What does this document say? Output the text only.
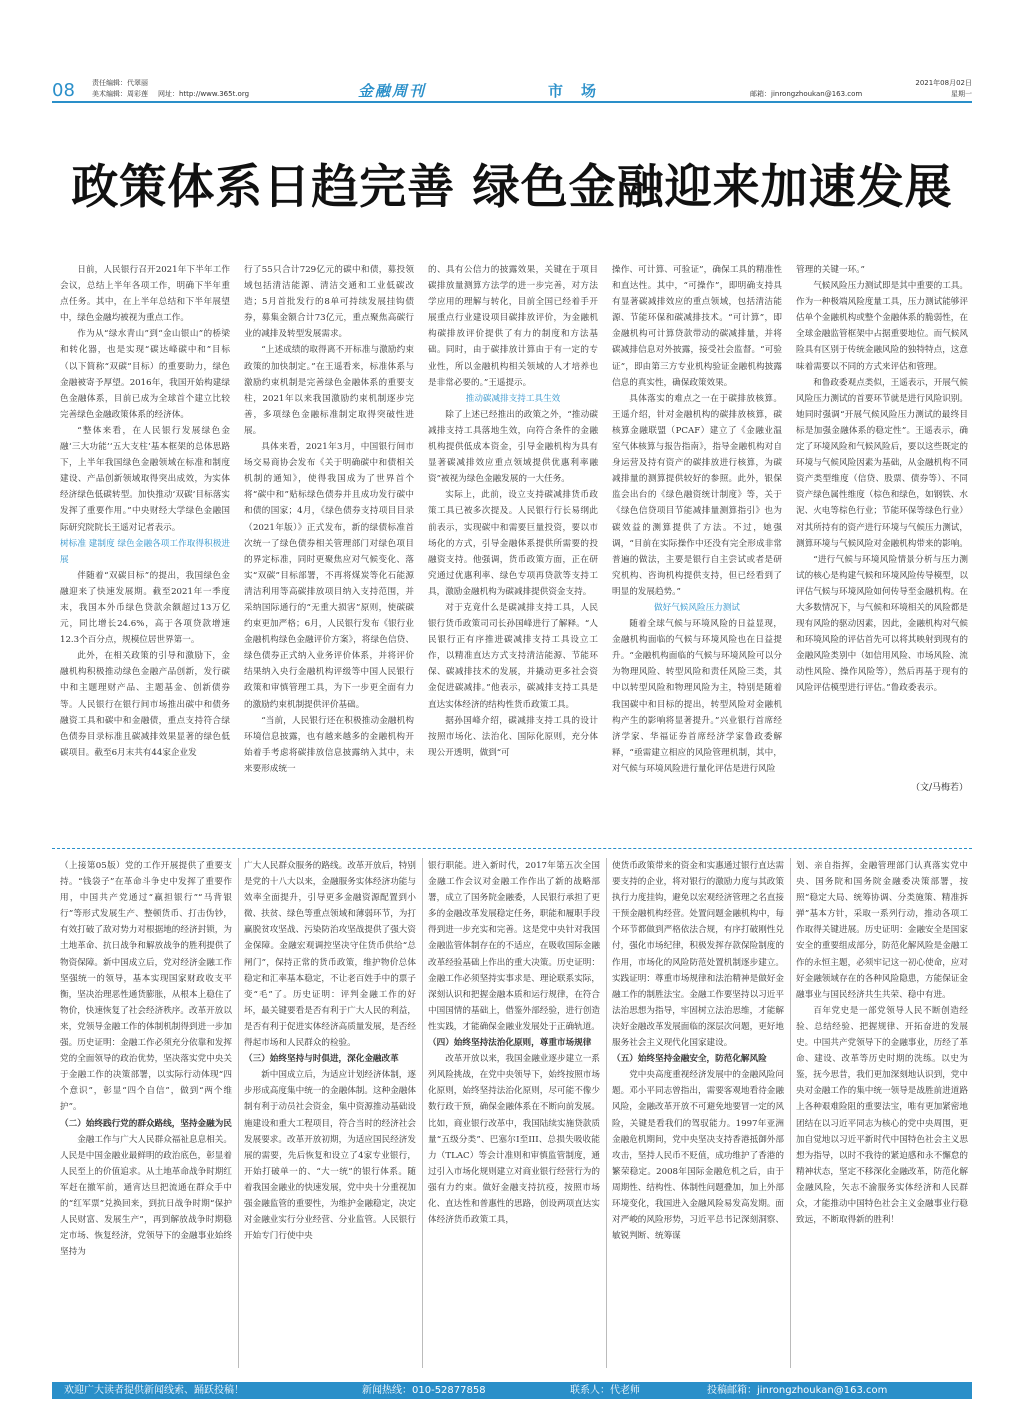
08 责任编辑：代翠丽
美术编辑：周彩莲 网址：http://www.365t.org	金融周刊	市场	邮箱：jinrongzhoukan@163.com
2021年08月02日
星期一
政策体系日趋完善 绿色金融迎来加速发展

日前，人民银行召开2021年下半年工作会议，总结上半年各项工作，明确下半年重点任务。其中，在上半年总结和下半年展望中，绿色金融均被视为重点工作。

作为从“绿水青山”到“金山银山”的桥梁和转化器，也是实现“碳达峰碳中和”目标（以下简称“双碳”目标）的重要助力，绿色金融被寄予厚望。2016年，我国开始构建绿色金融体系，目前已成为全球首个建立比较完善绿色金融政策体系的经济体。

“整体来看，在人民银行发展绿色金融‘三大功能’‘五大支柱’基本框架的总体思路下，上半年我国绿色金融领域在标准和制度建设、产品创新领域取得突出成效，为实体经济绿色低碳转型。加快推动‘双碳’目标落实发挥了重要作用。”中央财经大学绿色金融国际研究院院长王遥对记者表示。

树标准 建制度 绿色金融各项工作取得积极进展

伴随着“双碳目标”的提出，我国绿色金融迎来了快速发展期。截至2021年一季度末，我国本外币绿色贷款余额超过13万亿元，同比增长24.6%，高于各项贷款增速12.3个百分点，规模位居世界第一。

此外，在相关政策的引导和激励下，金融机构积极推动绿色金融产品创新，发行碳中和主题理财产品、主题基金、创新债券等。人民银行在银行间市场推出碳中和债务融资工具和碳中和金融债，重点支持符合绿色债券目录标准且碳减排效果显著的绿色低碳项目。截至6月末共有44家企业发

行了55只合计729亿元的碳中和债，募投领域包括清洁能源、清洁交通和工业低碳改造；5月首批发行的8单可持续发展挂钩债券，募集金额合计73亿元，重点聚焦高碳行业的减排及转型发展需求。

“上述成绩的取得离不开标准与激励约束政策的加快制定。”在王遥看来，标准体系与激励约束机制是完善绿色金融体系的重要支柱，2021年以来我国激励约束机制逐步完善，多项绿色金融标准制定取得突破性进展。

具体来看，2021年3月，中国银行间市场交易商协会发布《关于明确碳中和债相关机制的通知》，使得我国成为了世界首个将“碳中和”贴标绿色债券并且成功发行碳中和债的国家；4月，《绿色债券支持项目目录（2021年版）》正式发布，新的绿债标准首次统一了绿色债券相关管理部门对绿色项目的界定标准，同时更聚焦应对气候变化、落实“双碳”目标部署，不再将煤炭等化石能源清洁利用等高碳排放项目纳入支持范围，并采纳国际通行的“无重大损害”原则，使碳碳约束更加严格；6月，人民银行发布《银行业金融机构绿色金融评价方案》，将绿色信贷、绿色债券正式纳入业务评价体系，并将评价结果纳入央行金融机构评级等中国人民银行政策和审慎管理工具，为下一步更全面有力的激励约束机制提供评价基础。

“当前，人民银行还在积极推动金融机构环境信息披露，也有越来越多的金融机构开始着手考虑将碳排放信息披露纳入其中，未来要形成统一

的、具有公信力的披露效果，关键在于项目碳排放量测算方法学的进一步完善，对方法学应用的理解与转化，目前全国已经着手开展重点行业建设项目碳排放评价，为金融机构碳排放评价提供了有力的制度和方法基础。同时，由于碳排放计算由于有一定的专业性，所以金融机构相关领域的人才培养也是非常必要的。”王遥提示。

推动碳减排支持工具生效

除了上述已经推出的政策之外，“推动碳减排支持工具落地生效，向符合条件的金融机构提供低成本资金，引导金融机构为具有显著碳减排效应重点领域提供优惠利率融资”被视为绿色金融发展的一大任务。

实际上，此前，设立支持碳减排货币政策工具已被多次提及。人民银行行长易纲此前表示，实现碳中和需要巨量投资，要以市场化的方式，引导金融体系提供所需要的投融资支持。他强调，货币政策方面，正在研究通过优惠利率、绿色专项再贷款等支持工具，激励金融机构为碳减排提供资金支持。

对于克竟什么是碳减排支持工具，人民银行货币政策司司长孙国峰进行了解释。“人民银行正有序推进碳减排支持工具设立工作，以精准直达方式支持清洁能源、节能环保、碳减排技术的发展，并撬动更多社会资金促进碳减排。”他表示，碳减排支持工具是直达实体经济的结构性货币政策工具。

据孙国峰介绍，碳减排支持工具的设计按照市场化、法治化、国际化原则，充分体现公开透明，做到“可

操作、可计算、可验证”，确保工具的精准性和直达性。其中，“可操作”，即明确支持具有显著碳减排效应的重点领域，包括清洁能源、节能环保和碳减排技术。“可计算”，即金融机构可计算贷款带动的碳减排量，并将碳减排信息对外披露，接受社会监督。“可验证”，即由第三方专业机构验证金融机构披露信息的真实性，确保政策效果。

具体落实的难点之一在于碳排放核算。王遥介绍，针对金融机构的碳排放核算，碳核算金融联盟（PCAF）建立了《金融业温室气体核算与报告指南》，指导金融机构对自身运营及持有资产的碳排放进行核算，为碳减排量的测算提供较好的参照。此外，银保监会出台的《绿色融资统计制度》等，关于《绿色信贷项目节能减排量测算指引》也为碳效益的测算提供了方法。不过，她强调，“目前在实际操作中还没有完全形成非常普遍的做法，主要是银行自主尝试或者是研究机构、咨询机构提供支持，但已经看到了明显的发展趋势。”

做好气候风险压力测试

随着全球气候与环境风险的日益显现，金融机构面临的气候与环境风险也在日益提升。“金融机构面临的气候与环境风险可以分为物理风险、转型风险和责任风险三类，其中以转型风险和物理风险为主，特别是随着我国碳中和目标的提出，转型风险对金融机构产生的影响将显著提升。”兴业银行首席经济学家、华福证券首席经济学家鲁政委解释，“亟需建立相应的风险管理机制，其中，对气候与环境风险进行量化评估是进行风险

管理的关键一环。”

气候风险压力测试即是其中重要的工具。作为一种极端风险度量工具，压力测试能够评估单个金融机构或整个金融体系的脆弱性，在全球金融监管框架中占据重要地位。而气候风险具有区别于传统金融风险的独特特点，这意味着需要以不同的方式来评估和管理。

和鲁政委观点类似，王遥表示，开展气候风险压力测试的首要环节就是进行风险识别。她同时强调“开展气候风险压力测试的最终目标是加强金融体系的稳定性”。王遥表示，确定了环境风险和气候风险后，要以这些既定的环境与气候风险因素为基础，从金融机构不同资产类型维度（信贷、股票、债券等）、不同资产绿色属性维度（棕色和绿色，如钢铁、水泥、火电等棕色行业；节能环保等绿色行业）对其所持有的资产进行环境与气候压力测试，测算环境与气候风险对金融机构带来的影响。

“进行气候与环境风险情景分析与压力测试的核心是构建气候和环境风险传导模型，以评估气候与环境风险如何传导至金融机构。在大多数情况下，与气候和环境相关的风险都是现有风险的驱动因素，因此，金融机构对气候和环境风险的评估首先可以将其映射到现有的金融风险类别中（如信用风险、市场风险、流动性风险、操作风险等），然后再基于现有的风险评估模型进行评估。”鲁政委表示。

（文/马梅若）

（上接第05版）党的工作开展提供了重要支持。“钱袋子”在革命斗争史中发挥了重要作用，中国共产党通过“赢担银行”“马背银行”等形式发展生产、整顿货币、打击伪钞，有效打破了敌对势力对根据地的经济封锁，为土地革命、抗日战争和解放战争的胜利提供了物资保障。新中国成立后，党对经济金融工作坚强统一的领导，基本实现国家财政收支平衡，坚决治理恶性通货膨胀，从根本上稳住了物价，快速恢复了社会经济秩序。改革开放以来，党领导金融工作的体制机制得到进一步加强。历史证明：金融工作必须充分依靠和发挥党的全面领导的政治优势，坚决落实党中央关于金融工作的决策部署，以实际行动体现“四个意识”，彰显“四个自信”，做到“两个维护”。

（二）始终践行党的群众路线，坚持金融为民

金融工作与广大人民群众福祉息息相关。人民是中国金融业最鲜明的政治底色，彰显着人民至上的价值追求。从土地革命战争时期红军赶在撤军前，通宵达旦把流通在群众手中的“红军票”兑换回来，到抗日战争时期“保护人民财富、发展生产”，再到解放战争时期稳定市场、恢复经济，党领导下的金融事业始终坚持为

广大人民群众服务的路线。改革开放后，特别是党的十八大以来，金融服务实体经济功能与效率全面提升，引导更多金融资源配置到小微、扶贫、绿色等重点领域和薄弱环节，为打赢脱贫攻坚战、污染防治攻坚战提供了强大资金保障。金融宏观调控坚决守住货币供给“总闸门”，保持正常的货币政策，维护物价总体稳定和汇率基本稳定，不让老百姓手中的票子变“毛”了。历史证明：评判金融工作的好坏，最关键要看是否有利于广大人民的利益，是否有利于促进实体经济高质量发展，是否经得起市场和人民群众的检验。

（三）始终坚持与时俱进，深化金融改革

新中国成立后，为适应计划经济体制，逐步形成高度集中统一的金融体制。这种金融体制有利于动员社会资金，集中资源推动基础设施建设和重大工程项目，符合当时的经济社会发展要求。改革开放初期，为适应国民经济发展的需要，先后恢复和设立了4家专业银行，开始打破单一的、“大一统”的银行体系。随着我国金融业的快速发展，党中央十分重视加强金融监管的重要性，为维护金融稳定，决定对金融业实行分业经营、分业监管。人民银行开始专门行使中央

银行职能。进入新时代，2017年第五次全国金融工作会议对金融工作作出了新的战略部署，成立了国务院金融委，人民银行承担了更多的金融改革发展稳定任务，职能和履职手段得到进一步充实和完善。这是党中央针对我国金融监管体制存在的不适应，在吸收国际金融改革经验基础上作出的重大决策。历史证明：金融工作必须坚持实事求是、理论联系实际，深刻认识和把握金融本质和运行规律，在符合中国国情的基础上，借鉴外部经验，进行创造性实践，才能确保金融业发展处于正确轨道。

（四）始终坚持法治化原则，尊重市场规律

改革开放以来，我国金融业逐步建立一系列风险挑战，在党中央领导下，始终按照市场化原则，始终坚持法治化原则，尽可能不像少数行政干预，确保金融体系在不断向前发展。比如，商业银行改革中，我国陆续实施贷款质量“五级分类”、巴塞尔I至III、总损失吸收能力（TLAC）等会计准则和审慎监管制度，通过引入市场化规则建立对商业银行经营行为的强有力约束。做好金融支持抗疫，按照市场化、直达性和普惠性的思路，创设两项直达实体经济货币政策工具，

使货币政策带来的资金和实惠通过银行直达需要支持的企业，将对银行的激励力度与其政策执行力度挂钩，避免以宏观经济管理之名直接干预金融机构经营。处置问题金融机构中，每个环节都做到严格依法合规，有序打破刚性兑付，强化市场纪律，积极发挥存款保险制度的作用，市场化的风险防范处置机制逐步建立。实践证明：尊重市场规律和法治精神是做好金融工作的制胜法宝。金融工作要坚持以习近平法治思想为指导，牢固树立法治思维，才能解决好金融改革发展面临的深层次问题，更好地服务社会主义现代化国家建设。

（五）始终坚持金融安全，防范化解风险

党中央高度重视经济发展中的金融风险问题。邓小平同志曾指出，需要客观地看待金融风险，金融改革开放不可避免地要冒一定的风险，关键是看我们的驾驭能力。1997年亚洲金融危机期间，党中央坚决支持香港抵御外部攻击，坚持人民币不贬值，成功维护了香港的繁荣稳定。2008年国际金融危机之后，由于周期性、结构性、体制性问题叠加，加上外部环境变化，我国进入金融风险易发高发期。面对严峻的风险形势，习近平总书记深刻洞察、敏锐判断、统筹谋

划、亲自指挥，金融管理部门认真落实党中央、国务院和国务院金融委决策部署，按照“稳定大局、统筹协调、分类施策、精准拆弹”基本方针，采取一系列行动，推动各项工作取得关键进展。历史证明：金融安全是国家安全的重要组成部分，防范化解风险是金融工作的永恒主题，必须牢记这一初心使命，应对好金融领域存在的各种风险隐患，方能保证金融事业与国民经济共生共荣、稳中有进。

百年党史是一部党领导人民不断创造经验、总结经验、把握规律、开拓奋进的发展史。中国共产党领导下的金融事业，历经了革命、建设、改革等历史时期的洗练。以史为鉴，抚今思昔，我们更加深刻地认识到，党中央对金融工作的集中统一领导是战胜前进道路上各种艰难险阻的重要法宝，唯有更加紧密地团结在以习近平同志为核心的党中央周围，更加自觉地以习近平新时代中国特色社会主义思想为指导，以时不我待的紧迫感和永不懈怠的精神状态，坚定不移深化金融改革，防范化解金融风险，矢志不渝服务实体经济和人民群众，才能推动中国特色社会主义金融事业行稳致远，不断取得新的胜利！

欢迎广大读者提供新闻线索、踊跃投稿！	新闻热线：010-52877858	联系人：代老师	投稿邮箱：jinrongzhoukan@163.com
